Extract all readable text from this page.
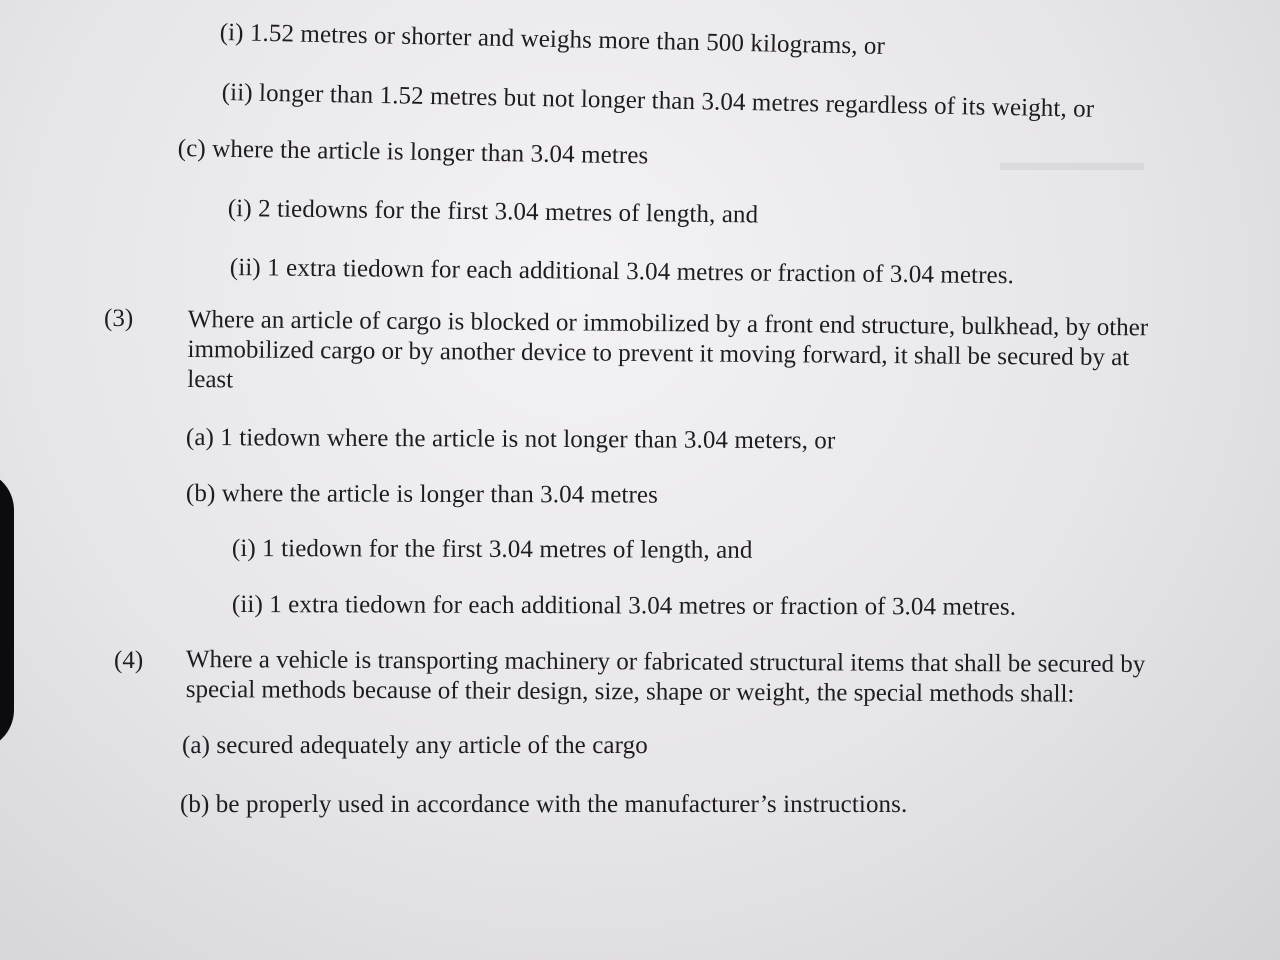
▬▬▬▬▬▬
(i) 1.52 metres or shorter and weighs more than 500 kilograms, or
(ii) longer than 1.52 metres but not longer than 3.04 metres regardless of its weight, or
(c) where the article is longer than 3.04 metres
(i) 2 tiedowns for the first 3.04 metres of length, and
(ii) 1 extra tiedown for each additional 3.04 metres or fraction of 3.04 metres.
(3) Where an article of cargo is blocked or immobilized by a front end structure, bulkhead, by other
immobilized cargo or by another device to prevent it moving forward, it shall be secured by at
least
(a) 1 tiedown where the article is not longer than 3.04 meters, or
(b) where the article is longer than 3.04 metres
(i) 1 tiedown for the first 3.04 metres of length, and
(ii) 1 extra tiedown for each additional 3.04 metres or fraction of 3.04 metres.
(4) Where a vehicle is transporting machinery or fabricated structural items that shall be secured by
special methods because of their design, size, shape or weight, the special methods shall:
(a) secured adequately any article of the cargo
(b) be properly used in accordance with the manufacturer’s instructions.
